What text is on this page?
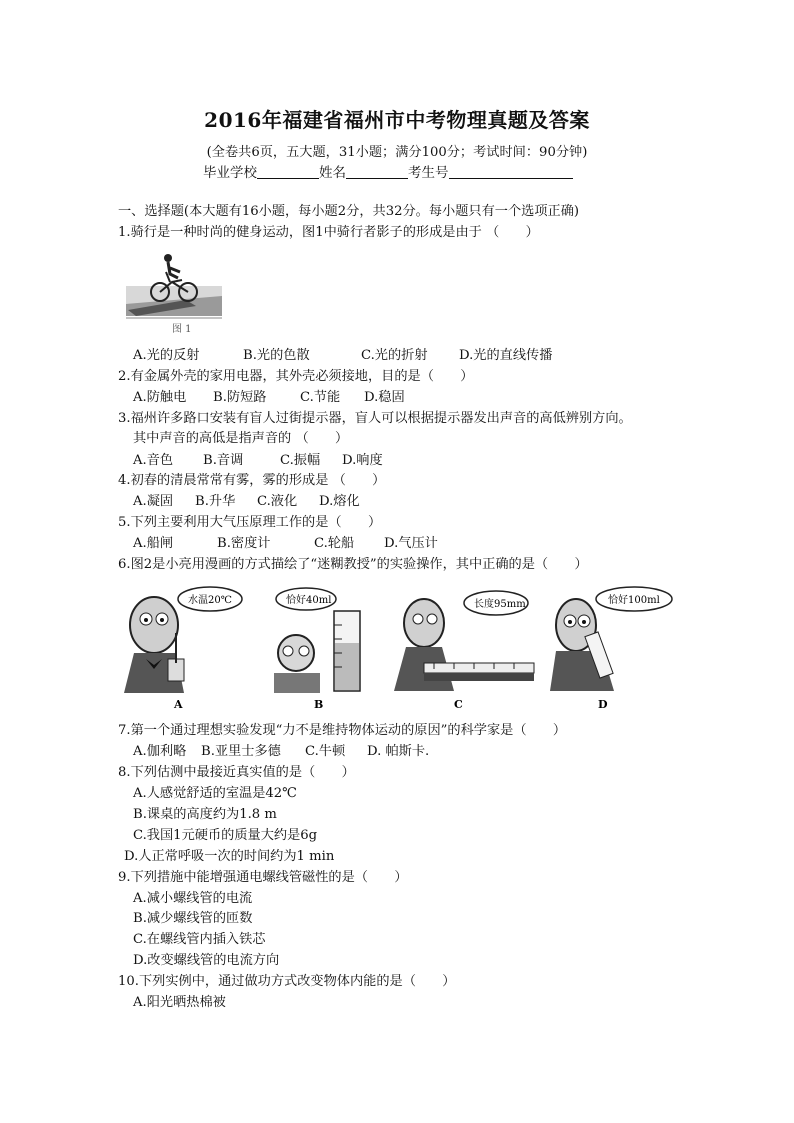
2016年福建省福州市中考物理真题及答案
(全卷共6页，五大题，31小题；满分100分；考试时间：90分钟)
毕业学校	姓名	考生号
一、选择题(本大题有16小题，每小题2分，共32分。每小题只有一个选项正确)
1.骑行是一种时尚的健身运动，图1中骑行者影子的形成是由于 （　　）
图 1
A.光的反射	B.光的色散	C.光的折射 D.光的直线传播
2.有金属外壳的家用电器，其外壳必须接地，目的是（　　）
A.防触电 B.防短路	C.节能 D.稳固
3.福州许多路口安装有盲人过街提示器，盲人可以根据提示器发出声音的高低辨别方向。
其中声音的高低是指声音的 （　　）
A.音色 B.音调	C.振幅 D.响度
4.初春的清晨常常有雾，雾的形成是 （　　）
A.凝固 B.升华 C.液化 D.熔化
5.下列主要利用大气压原理工作的是（　　）
A.船闸	B.密度计	C.轮船 D.气压计
6.图2是小亮用漫画的方式描绘了“迷糊教授”的实验操作，其中正确的是（　　）
水温20℃
A
恰好40ml
B
长度95mm
C
恰好100ml
D
7.第一个通过理想实验发现“力不是维持物体运动的原因”的科学家是（　　）
A.伽利略 B.亚里士多德 C.牛顿 D. 帕斯卡.
8.下列估测中最接近真实值的是（　　）
A.人感觉舒适的室温是42℃
B.课桌的高度约为1.8 m
C.我国1元硬币的质量大约是6g
D.人正常呼吸一次的时间约为1 min
9.下列措施中能增强通电螺线管磁性的是（　　）
A.减小螺线管的电流
B.减少螺线管的匝数
C.在螺线管内插入铁芯
D.改变螺线管的电流方向
10.下列实例中，通过做功方式改变物体内能的是（　　）
A.阳光晒热棉被
